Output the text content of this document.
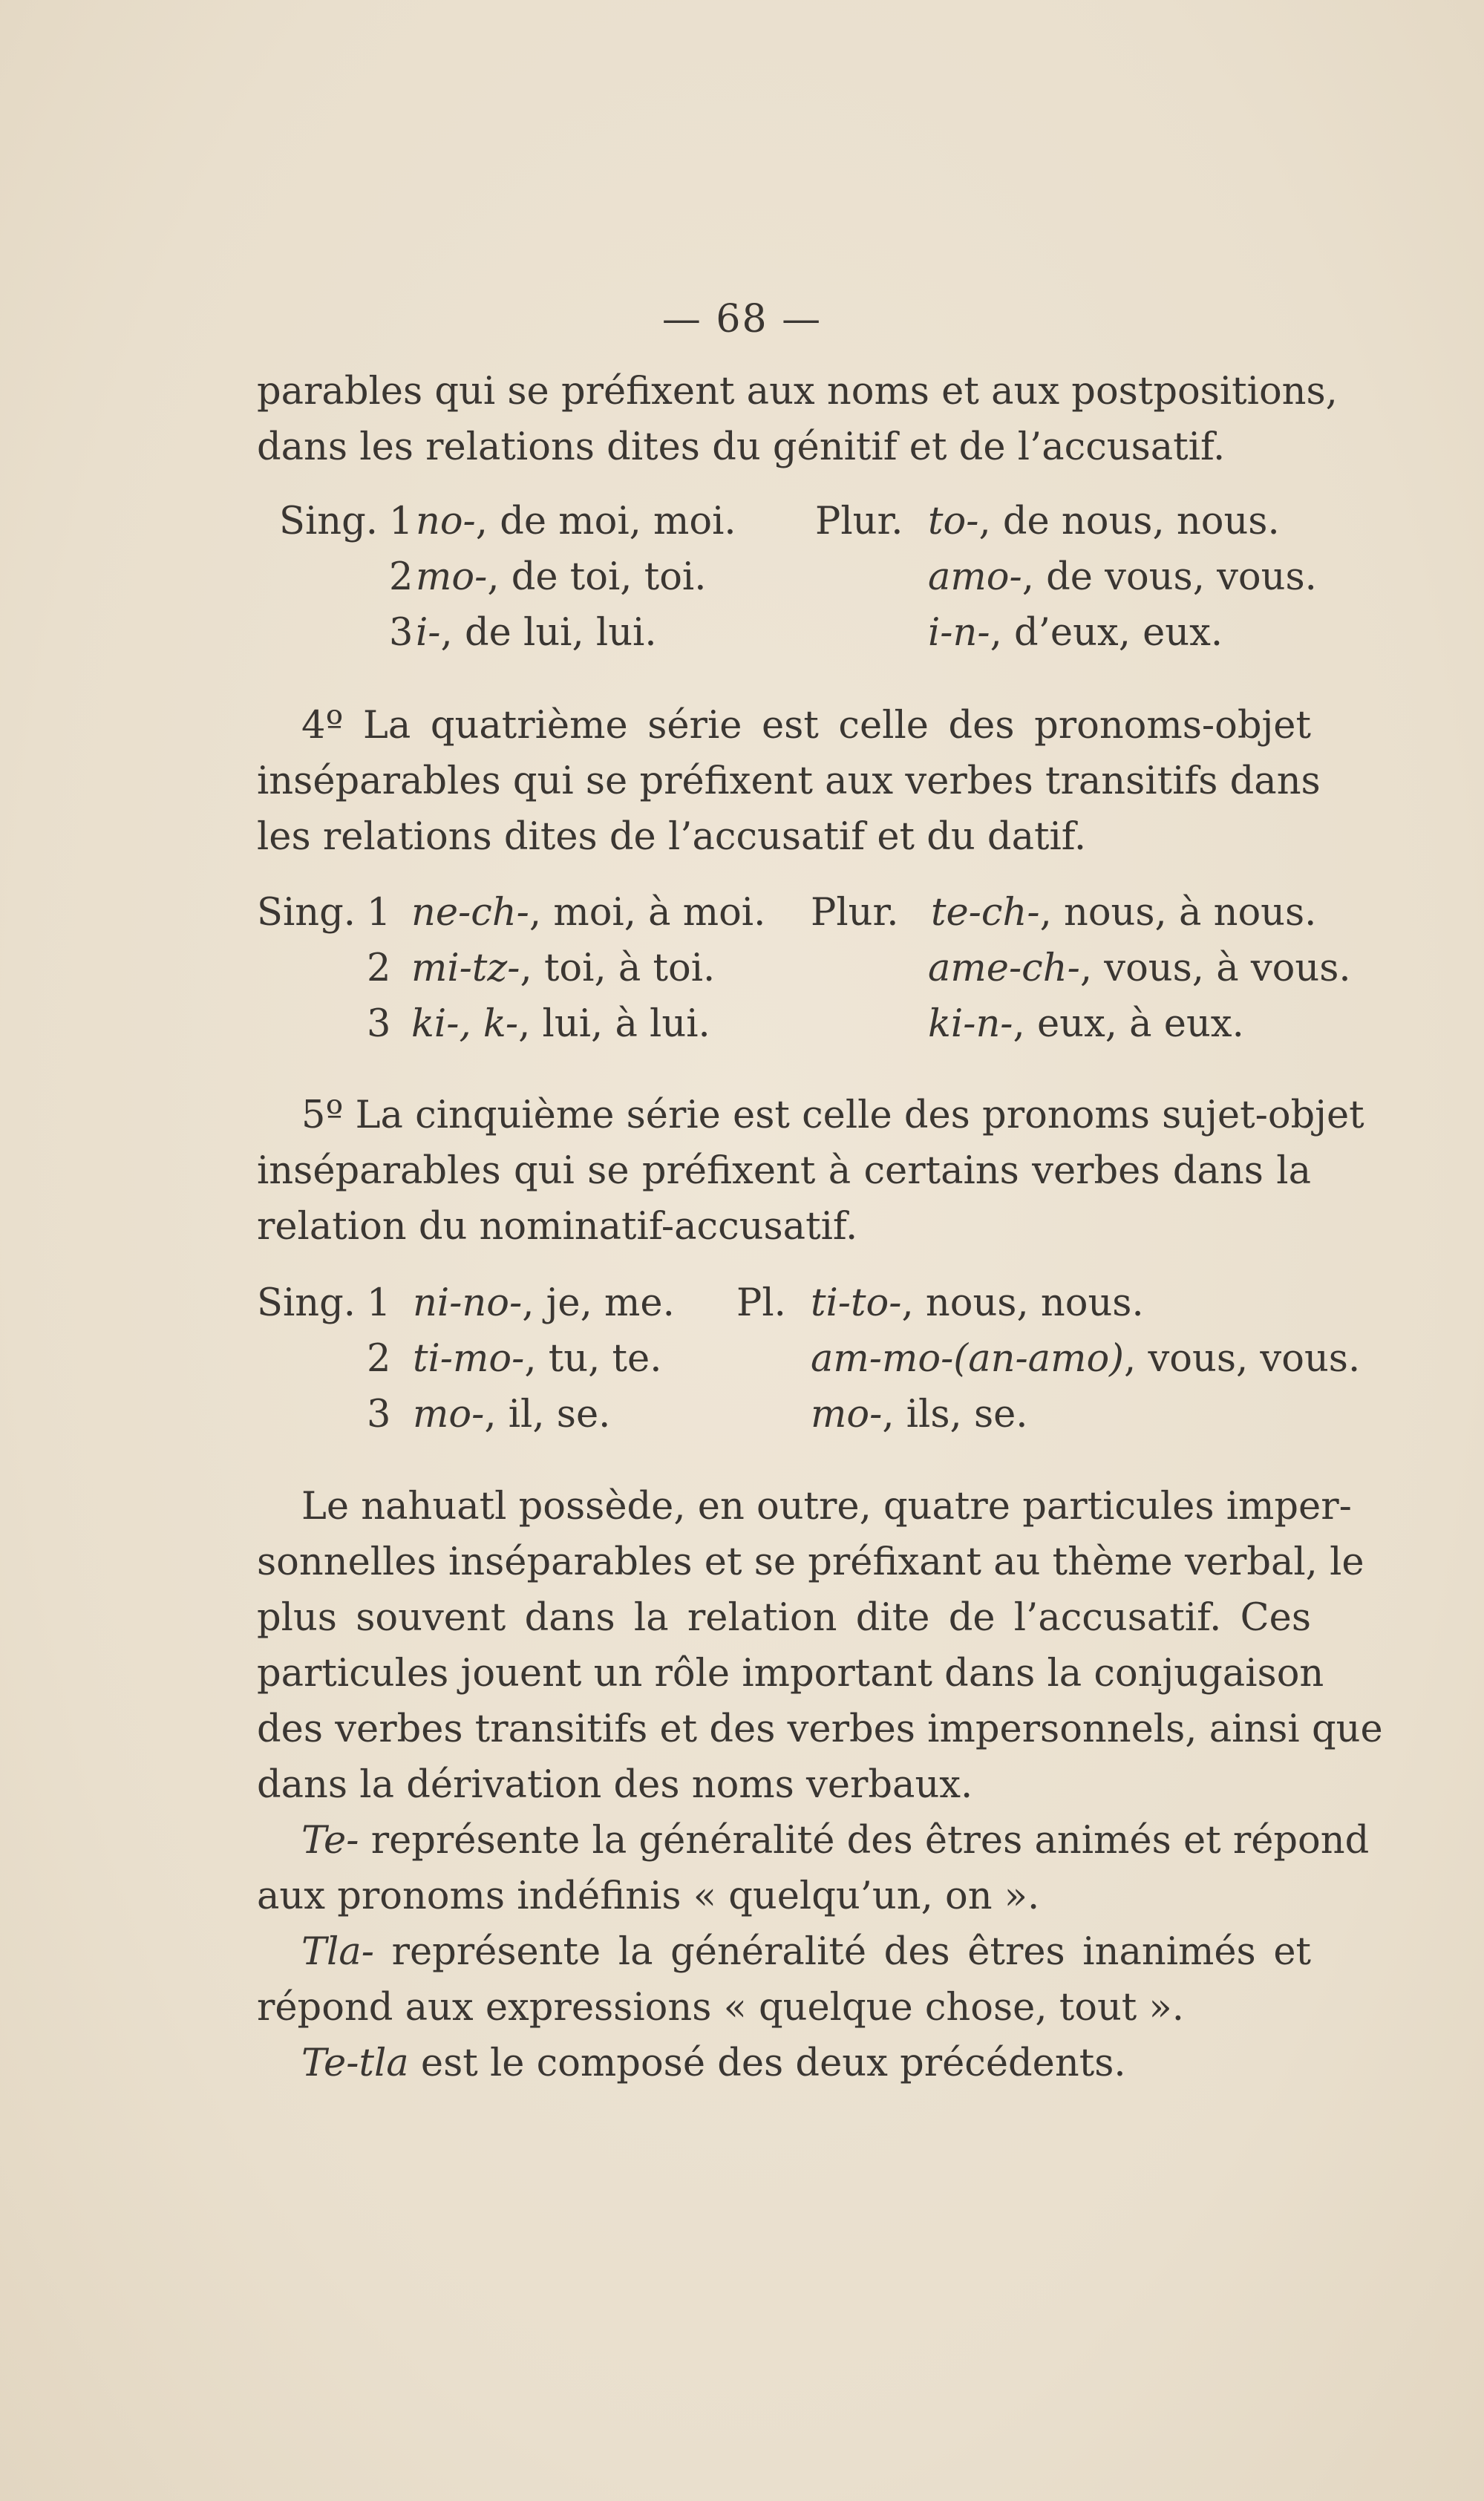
— 68 —
parables qui se préfixent aux noms et aux postpositions,
dans les relations dites du génitif et de l’accusatif.
Sing. 1 no-, de moi, moi. Plur. to-, de nous, nous.
2 mo-, de toi, toi.	amo-, de vous, vous.
3 i-, de lui, lui.	i-n-, d’eux, eux.
4º La quatrième série est celle des pronoms-objet
inséparables qui se préfixent aux verbes transitifs dans
les relations dites de l’accusatif et du datif.
Sing. 1 ne-ch-, moi, à moi. Plur. te-ch-, nous, à nous.
2 mi-tz-, toi, à toi.	ame-ch-, vous, à vous.
3 ki-, k-, lui, à lui.	ki-n-, eux, à eux.
5º La cinquième série est celle des pronoms sujet-objet
inséparables qui se préfixent à certains verbes dans la
relation du nominatif-accusatif.
Sing. 1 ni-no-, je, me. Pl. ti-to-, nous, nous.
2 ti-mo-, tu, te.	am-mo-(an-amo), vous, vous.
3 mo-, il, se.	mo-, ils, se.
Le nahuatl possède, en outre, quatre particules imper-
sonnelles inséparables et se préfixant au thème verbal, le
plus souvent dans la relation dite de l’accusatif. Ces
particules jouent un rôle important dans la conjugaison
des verbes transitifs et des verbes impersonnels, ainsi que
dans la dérivation des noms verbaux.
Te- représente la généralité des êtres animés et répond
aux pronoms indéfinis « quelqu’un, on ».
Tla- représente la généralité des êtres inanimés et
répond aux expressions « quelque chose, tout ».
Te-tla est le composé des deux précédents.
